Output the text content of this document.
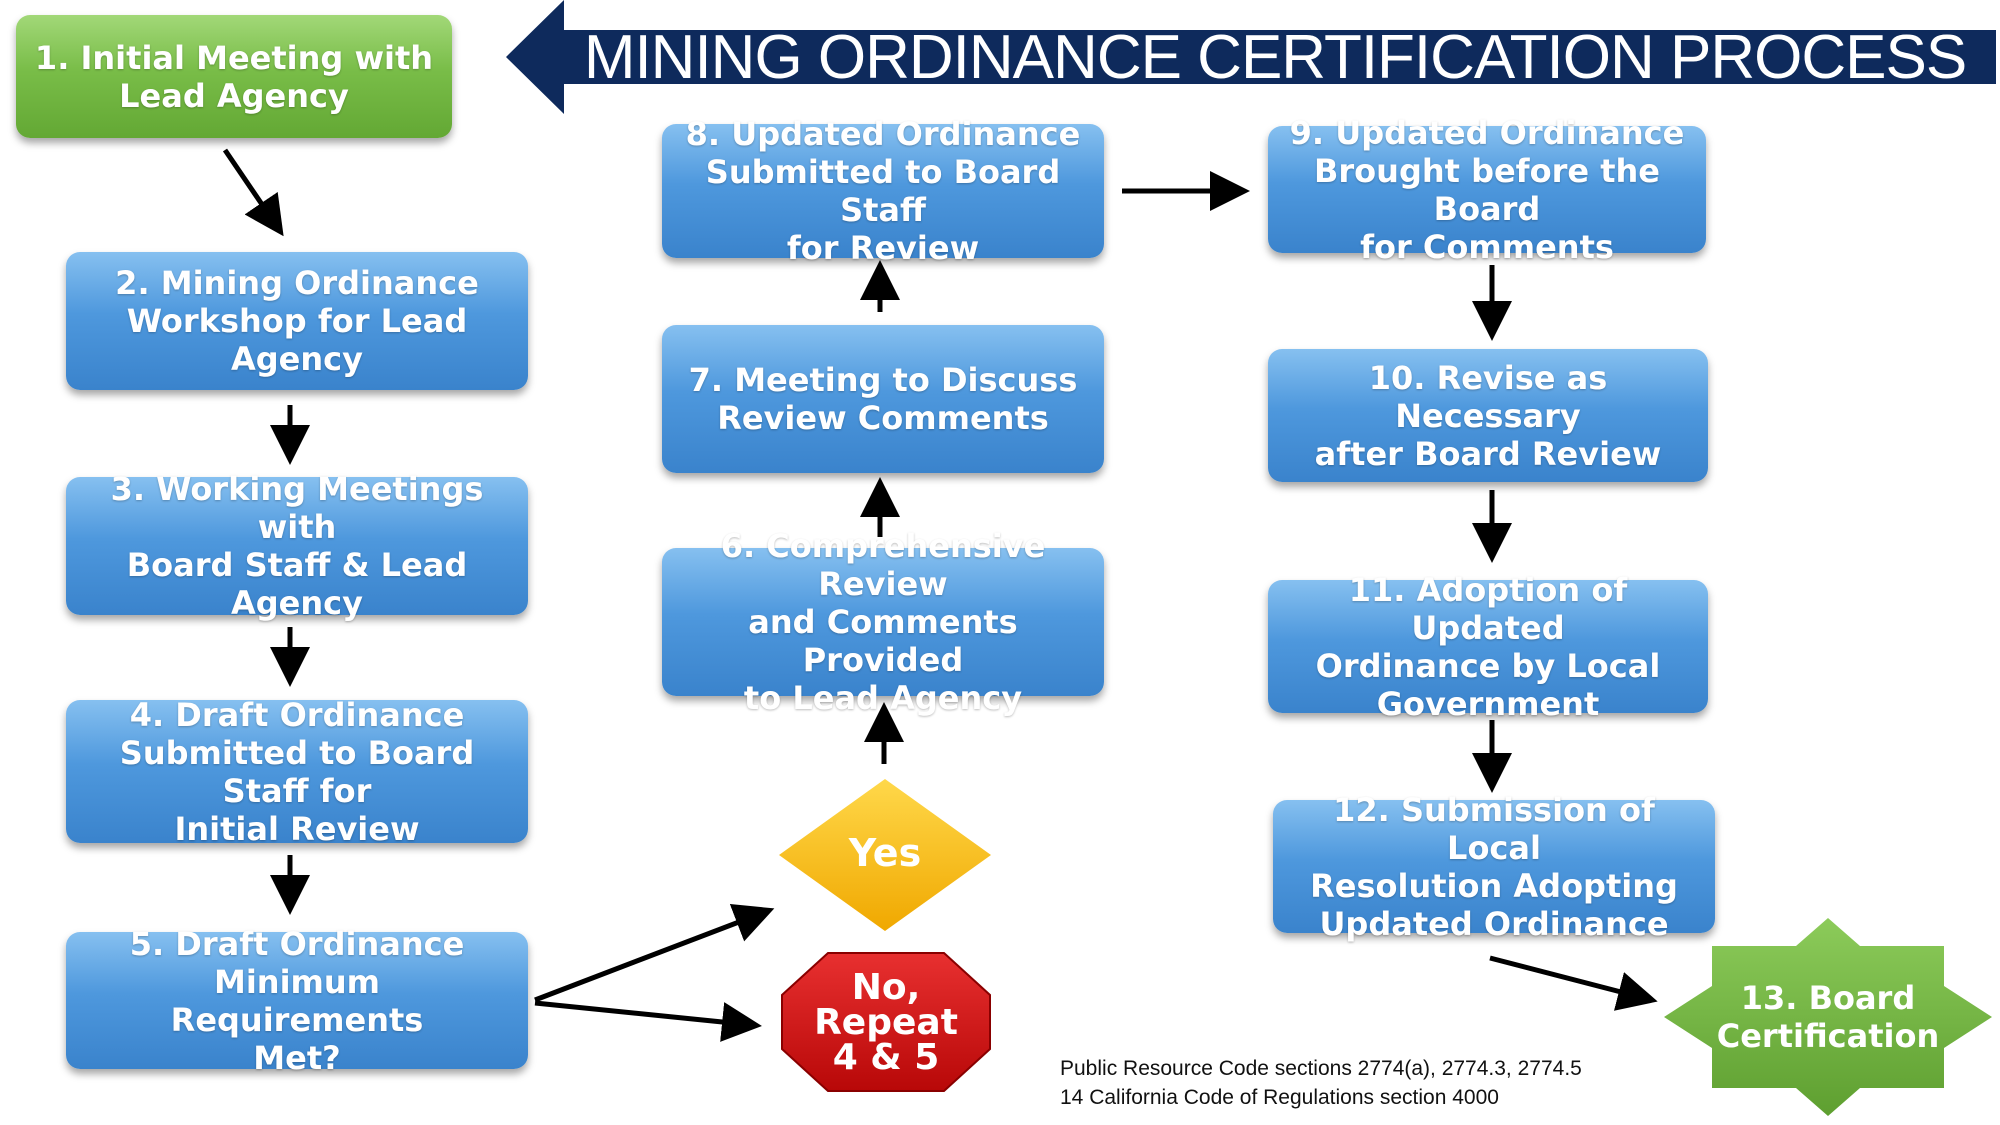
MINING ORDINANCE CERTIFICATION PROCESS
1. Initial Meeting with
Lead Agency
2. Mining Ordinance
Workshop for Lead Agency
3. Working Meetings with
Board Staff & Lead Agency
4. Draft Ordinance
Submitted to Board Staff for
Initial Review
5. Draft Ordinance
Minimum Requirements
Met?
6. Comprehensive Review
and Comments Provided
to Lead Agency
7. Meeting to Discuss
Review Comments
8. Updated Ordinance
Submitted to Board Staff
for Review
9. Updated Ordinance
Brought before the Board
for Comments
10. Revise as Necessary
after Board Review
11. Adoption of Updated
Ordinance by Local
Government
12. Submission of Local
Resolution Adopting
Updated Ordinance
Yes
No,
Repeat
4 & 5
13. Board
Certification
Public Resource Code sections 2774(a), 2774.3, 2774.5
14 California Code of Regulations section 4000
